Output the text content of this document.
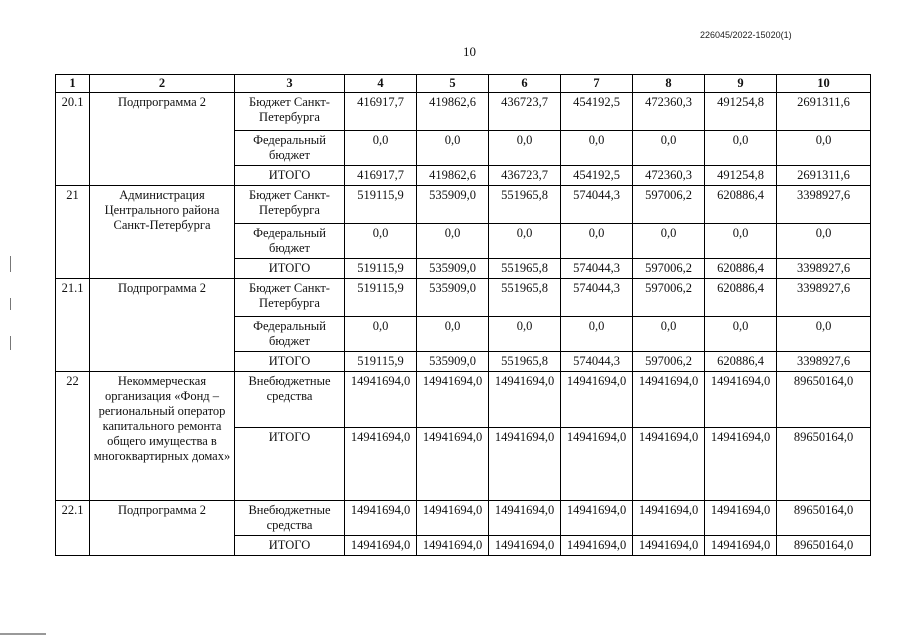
226045/2022-15020(1)
10
1	2	3	4	5	6	7	8	9	10
20.1	Подпрограмма 2	Бюджет Санкт-Петербурга	416917,7	419862,6	436723,7	454192,5	472360,3	491254,8	2691311,6
		Федеральный бюджет	0,0	0,0	0,0	0,0	0,0	0,0	0,0
		ИТОГО	416917,7	419862,6	436723,7	454192,5	472360,3	491254,8	2691311,6
21	Администрация Центрального района Санкт-Петербурга	Бюджет Санкт-Петербурга	519115,9	535909,0	551965,8	574044,3	597006,2	620886,4	3398927,6
		Федеральный бюджет	0,0	0,0	0,0	0,0	0,0	0,0	0,0
		ИТОГО	519115,9	535909,0	551965,8	574044,3	597006,2	620886,4	3398927,6
21.1	Подпрограмма 2	Бюджет Санкт-Петербурга	519115,9	535909,0	551965,8	574044,3	597006,2	620886,4	3398927,6
		Федеральный бюджет	0,0	0,0	0,0	0,0	0,0	0,0	0,0
		ИТОГО	519115,9	535909,0	551965,8	574044,3	597006,2	620886,4	3398927,6
22	Некоммерческая организация «Фонд – региональный оператор капитального ремонта общего имущества в многоквартирных домах»	Внебюджетные средства	14941694,0	14941694,0	14941694,0	14941694,0	14941694,0	14941694,0	89650164,0
		ИТОГО	14941694,0	14941694,0	14941694,0	14941694,0	14941694,0	14941694,0	89650164,0
22.1	Подпрограмма 2	Внебюджетные средства	14941694,0	14941694,0	14941694,0	14941694,0	14941694,0	14941694,0	89650164,0
		ИТОГО	14941694,0	14941694,0	14941694,0	14941694,0	14941694,0	14941694,0	89650164,0
